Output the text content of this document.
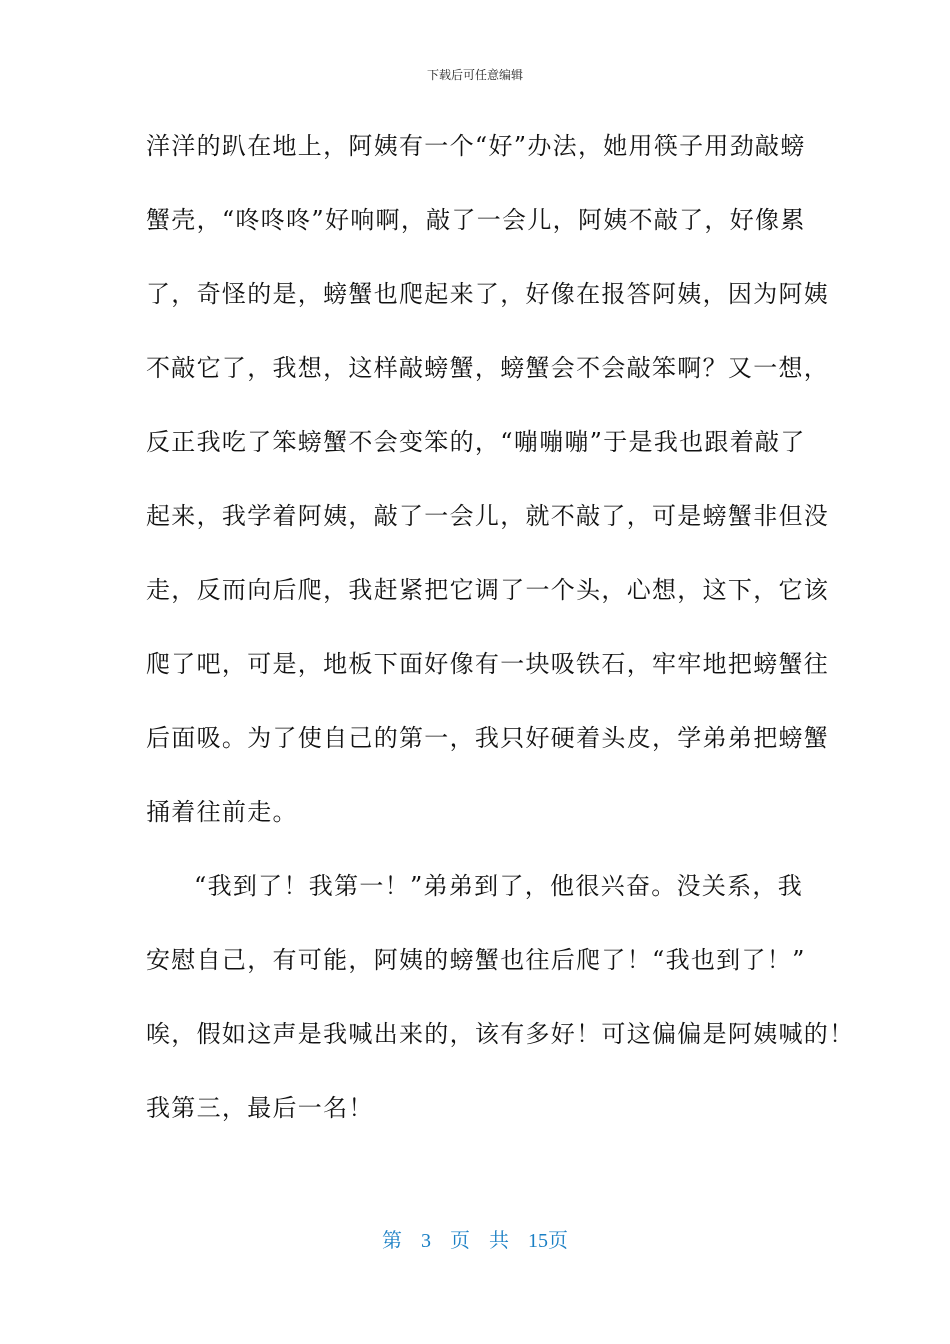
下载后可任意编辑
洋洋的趴在地上，阿姨有一个“好”办法，她用筷子用劲敲螃
蟹壳，“咚咚咚”好响啊，敲了一会儿，阿姨不敲了，好像累
了，奇怪的是，螃蟹也爬起来了，好像在报答阿姨，因为阿姨
不敲它了，我想，这样敲螃蟹，螃蟹会不会敲笨啊？又一想，
反正我吃了笨螃蟹不会变笨的，“嘣嘣嘣”于是我也跟着敲了
起来，我学着阿姨，敲了一会儿，就不敲了，可是螃蟹非但没
走，反而向后爬，我赶紧把它调了一个头，心想，这下，它该
爬了吧，可是，地板下面好像有一块吸铁石，牢牢地把螃蟹往
后面吸。为了使自己的第一，我只好硬着头皮，学弟弟把螃蟹
捅着往前走。
“我到了！我第一！”弟弟到了，他很兴奋。没关系，我
安慰自己，有可能，阿姨的螃蟹也往后爬了！“我也到了！”
唉，假如这声是我喊出来的，该有多好！可这偏偏是阿姨喊的！
我第三，最后一名！
第 3 页 共 15页
